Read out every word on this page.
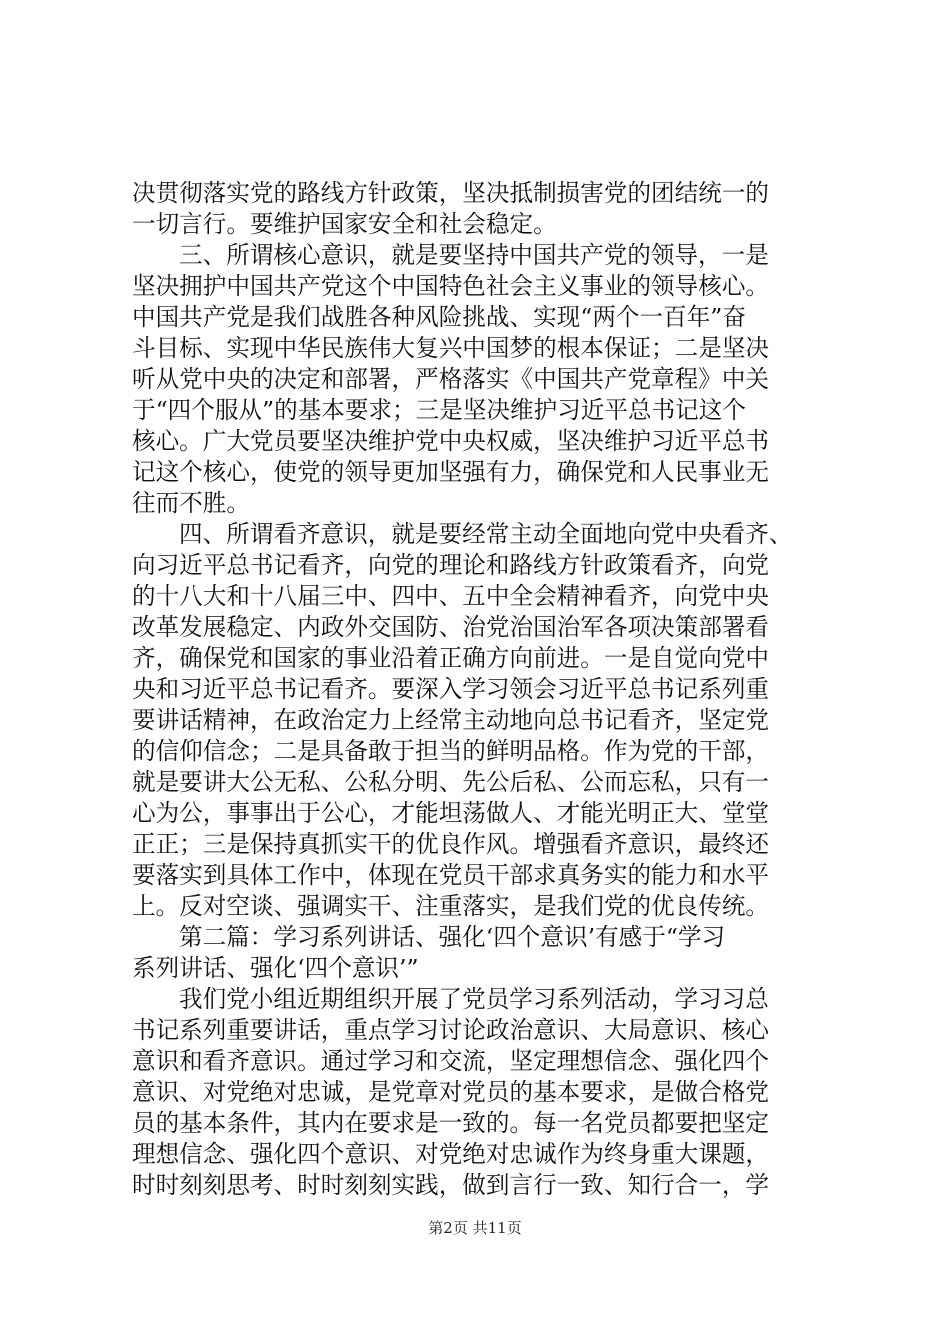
决贯彻落实党的路线方针政策，坚决抵制损害党的团结统一的
一切言行。要维护国家安全和社会稳定。
三、所谓核心意识，就是要坚持中国共产党的领导，一是
坚决拥护中国共产党这个中国特色社会主义事业的领导核心。
中国共产党是我们战胜各种风险挑战、实现“两个一百年”奋
斗目标、实现中华民族伟大复兴中国梦的根本保证；二是坚决
听从党中央的决定和部署，严格落实《中国共产党章程》中关
于“四个服从”的基本要求；三是坚决维护习近平总书记这个
核心。广大党员要坚决维护党中央权威，坚决维护习近平总书
记这个核心，使党的领导更加坚强有力，确保党和人民事业无
往而不胜。
四、所谓看齐意识，就是要经常主动全面地向党中央看齐、
向习近平总书记看齐，向党的理论和路线方针政策看齐，向党
的十八大和十八届三中、四中、五中全会精神看齐，向党中央
改革发展稳定、内政外交国防、治党治国治军各项决策部署看
齐，确保党和国家的事业沿着正确方向前进。一是自觉向党中
央和习近平总书记看齐。要深入学习领会习近平总书记系列重
要讲话精神，在政治定力上经常主动地向总书记看齐，坚定党
的信仰信念；二是具备敢于担当的鲜明品格。作为党的干部，
就是要讲大公无私、公私分明、先公后私、公而忘私，只有一
心为公，事事出于公心，才能坦荡做人、才能光明正大、堂堂
正正；三是保持真抓实干的优良作风。增强看齐意识，最终还
要落实到具体工作中，体现在党员干部求真务实的能力和水平
上。反对空谈、强调实干、注重落实，是我们党的优良传统。
第二篇：学习系列讲话、强化‘四个意识’有感于“学习
系列讲话、强化‘四个意识’”
我们党小组近期组织开展了党员学习系列活动，学习习总
书记系列重要讲话，重点学习讨论政治意识、大局意识、核心
意识和看齐意识。通过学习和交流，坚定理想信念、强化四个
意识、对党绝对忠诚，是党章对党员的基本要求，是做合格党
员的基本条件，其内在要求是一致的。每一名党员都要把坚定
理想信念、强化四个意识、对党绝对忠诚作为终身重大课题，
时时刻刻思考、时时刻刻实践，做到言行一致、知行合一，学
第2页 共11页
